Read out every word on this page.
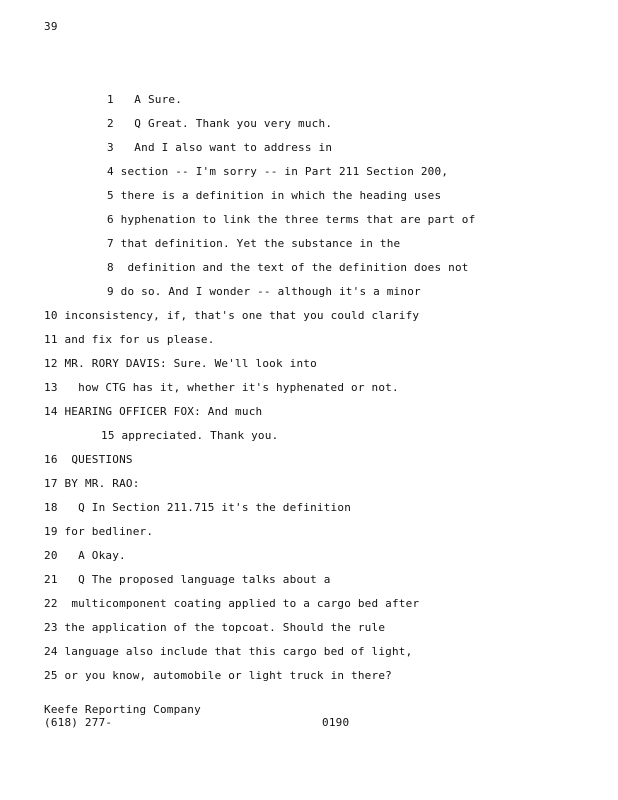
39
1 A Sure.
2 Q Great. Thank you very much.
3 And I also want to address in
4 section -- I'm sorry -- in Part 211 Section 200,
5 there is a definition in which the heading uses
6 hyphenation to link the three terms that are part of
7 that definition. Yet the substance in the
8 definition and the text of the definition does not
9 do so. And I wonder -- although it's a minor
10 inconsistency, if, that's one that you could clarify
11 and fix for us please.
12 MR. RORY DAVIS: Sure. We'll look into
13 how CTG has it, whether it's hyphenated or not.
14 HEARING OFFICER FOX: And much
15 appreciated. Thank you.
16 QUESTIONS
17 BY MR. RAO:
18 Q In Section 211.715 it's the definition
19 for bedliner.
20 A Okay.
21 Q The proposed language talks about a
22 multicomponent coating applied to a cargo bed after
23 the application of the topcoat. Should the rule
24 language also include that this cargo bed of light,
25 or you know, automobile or light truck in there?
Keefe Reporting Company
(618) 277-	0190
